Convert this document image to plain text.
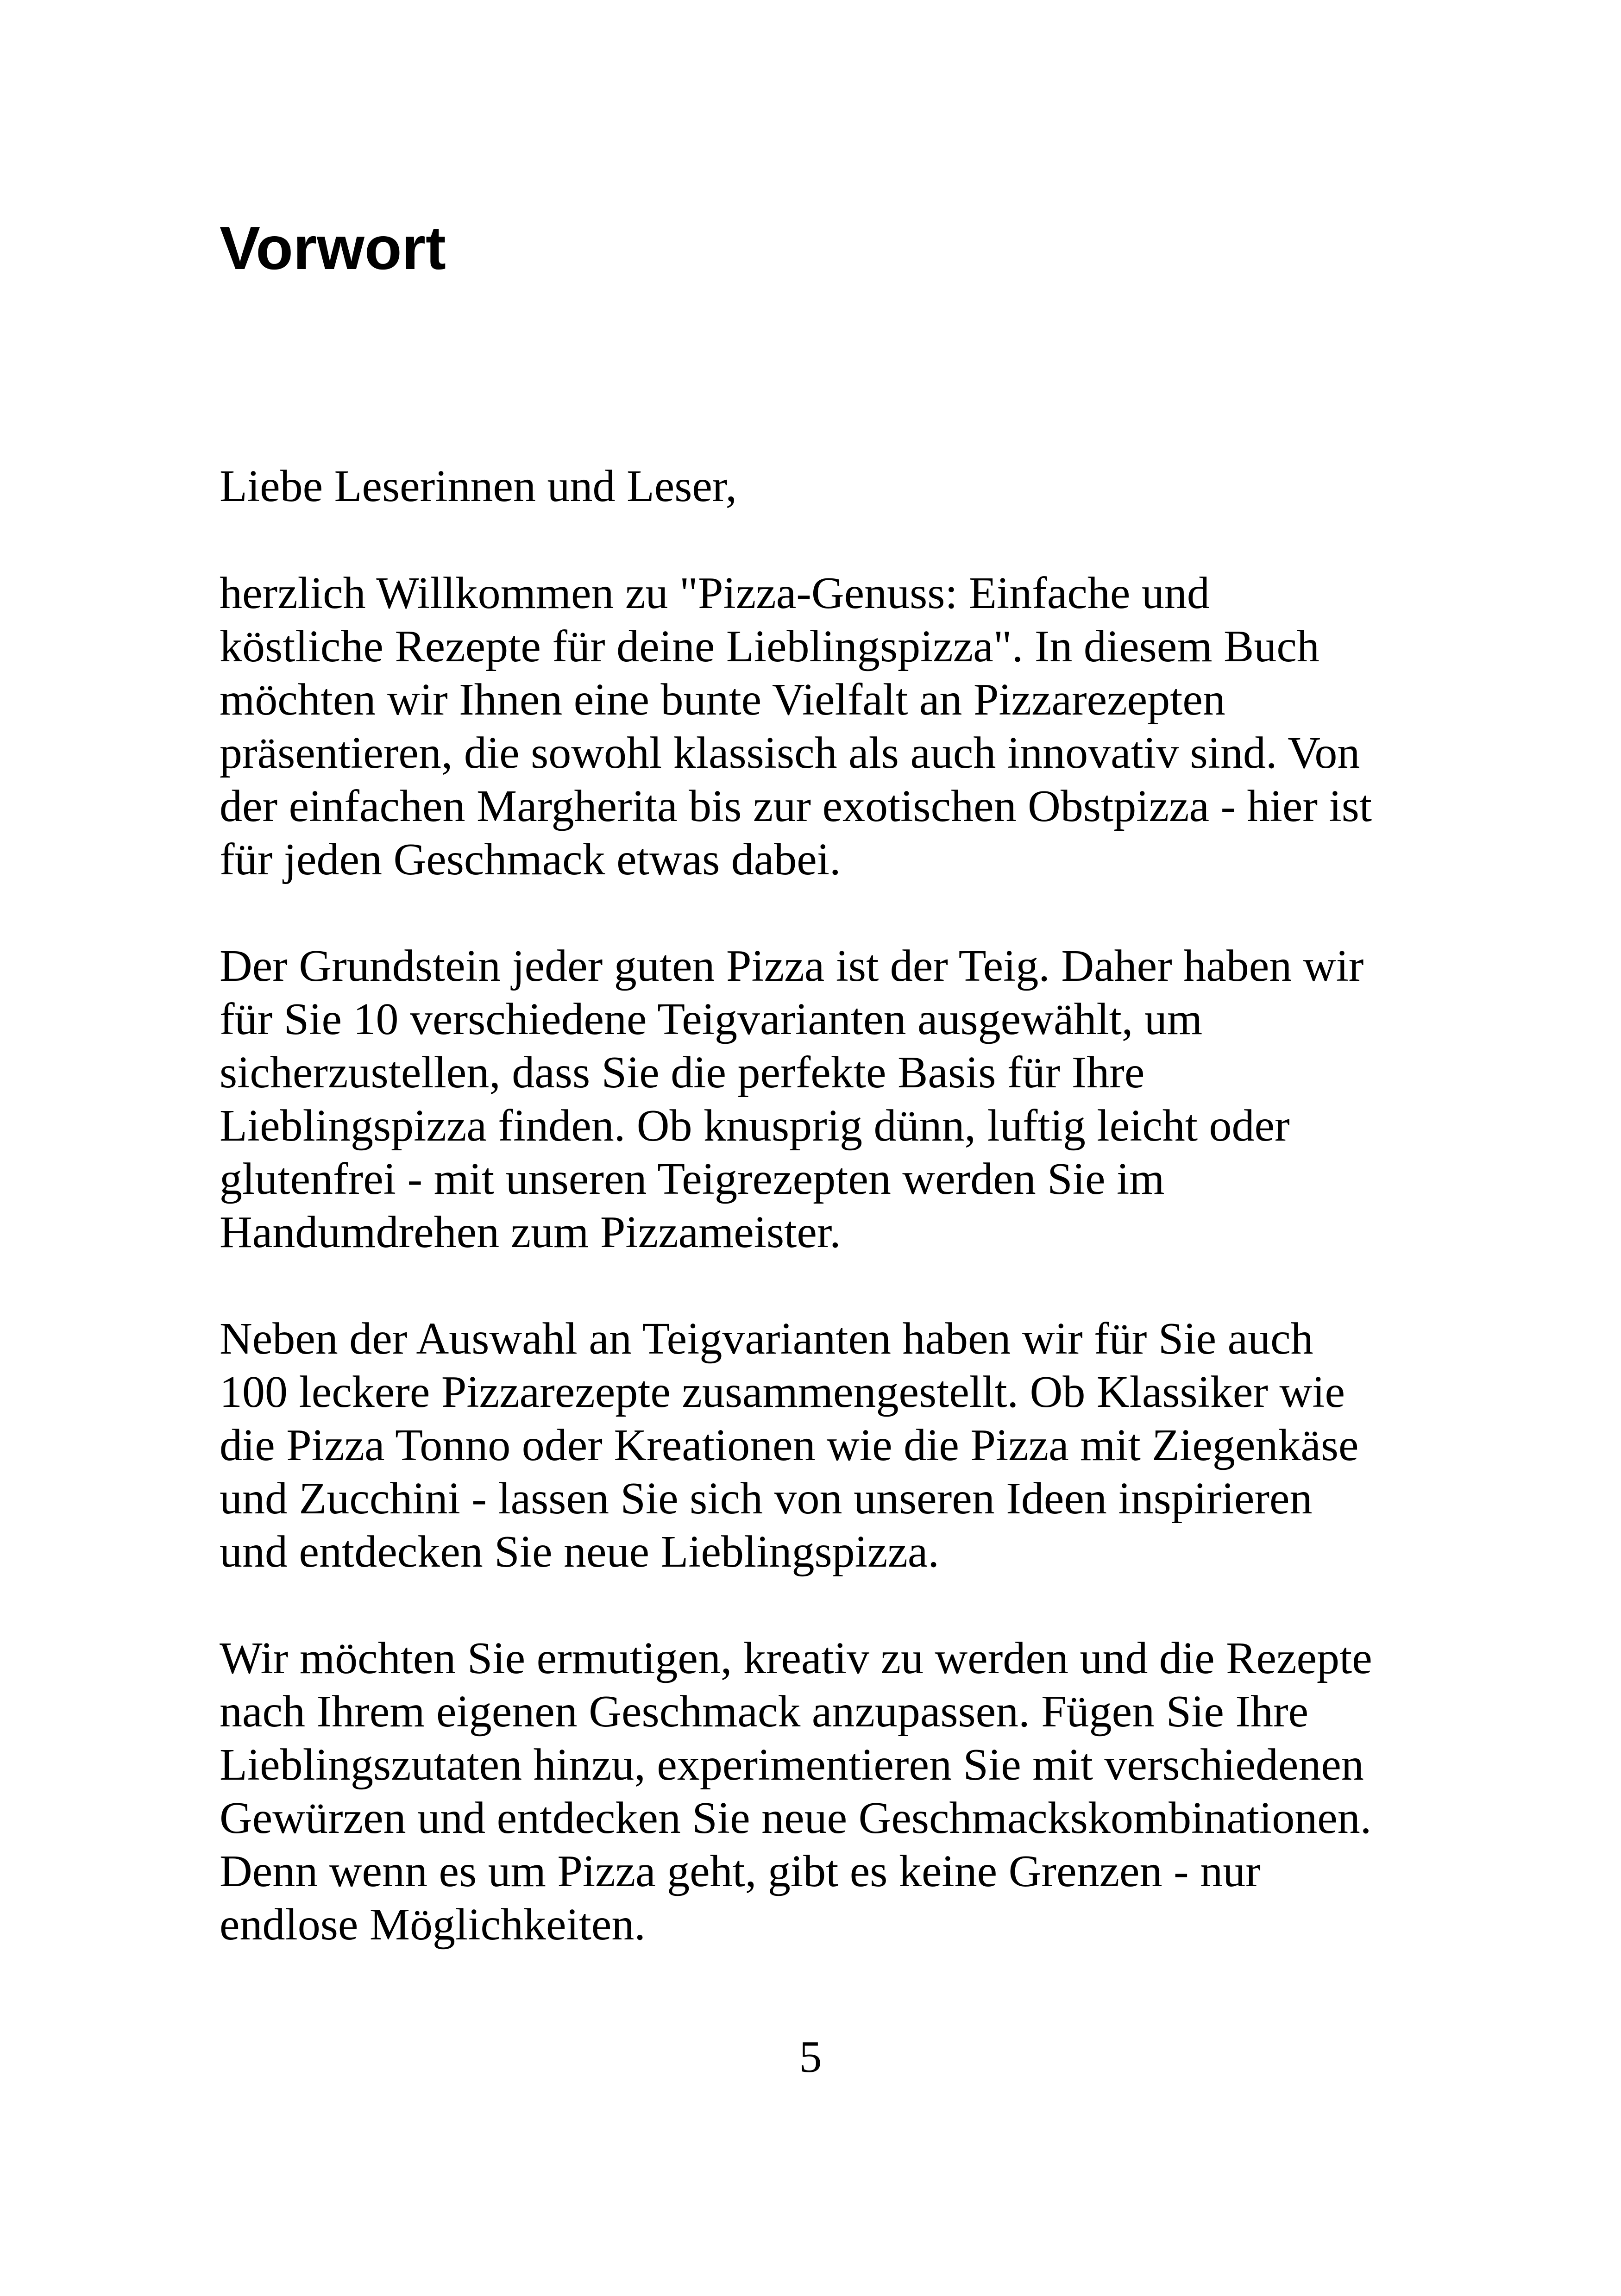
Vorwort

Liebe Leserinnen und Leser,

herzlich Willkommen zu "Pizza-Genuss: Einfache und
köstliche Rezepte für deine Lieblingspizza". In diesem Buch
möchten wir Ihnen eine bunte Vielfalt an Pizzarezepten
präsentieren, die sowohl klassisch als auch innovativ sind. Von
der einfachen Margherita bis zur exotischen Obstpizza - hier ist
für jeden Geschmack etwas dabei.

Der Grundstein jeder guten Pizza ist der Teig. Daher haben wir
für Sie 10 verschiedene Teigvarianten ausgewählt, um
sicherzustellen, dass Sie die perfekte Basis für Ihre
Lieblingspizza finden. Ob knusprig dünn, luftig leicht oder
glutenfrei - mit unseren Teigrezepten werden Sie im
Handumdrehen zum Pizzameister.

Neben der Auswahl an Teigvarianten haben wir für Sie auch
100 leckere Pizzarezepte zusammengestellt. Ob Klassiker wie
die Pizza Tonno oder Kreationen wie die Pizza mit Ziegenkäse
und Zucchini - lassen Sie sich von unseren Ideen inspirieren
und entdecken Sie neue Lieblingspizza.

Wir möchten Sie ermutigen, kreativ zu werden und die Rezepte
nach Ihrem eigenen Geschmack anzupassen. Fügen Sie Ihre
Lieblingszutaten hinzu, experimentieren Sie mit verschiedenen
Gewürzen und entdecken Sie neue Geschmackskombinationen.
Denn wenn es um Pizza geht, gibt es keine Grenzen - nur
endlose Möglichkeiten.

5
